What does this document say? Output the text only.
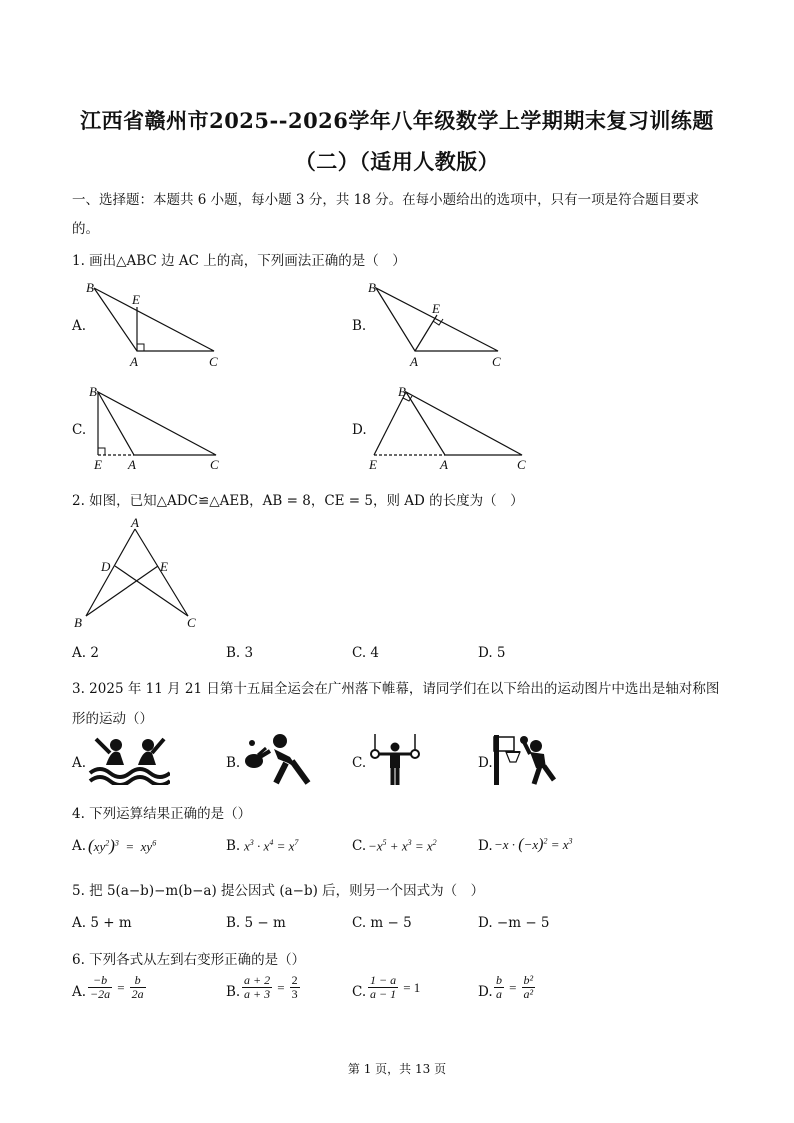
江西省赣州市2025--2026学年八年级数学上学期期末复习训练题
（二）（适用人教版）
一、选择题：本题共 6 小题，每小题 3 分，共 18 分。在每小题给出的选项中，只有一项是符合题目要求
的。
1. 画出△ABC 边 AC 上的高，下列画法正确的是（　）
A.
B
E
A	C
B.
B
E
A	C
C.
B
E A	C
D.
B
E	A	C
2. 如图，已知△ADC≌△AEB，AB = 8，CE = 5，则 AD 的长度为（　）
A
D	E
B	C
A. 2	B. 3	C. 4	D. 5
3. 2025 年 11 月 21 日第十五届全运会在广州落下帷幕，请同学们在以下给出的运动图片中选出是轴对称图
形的运动（）
A.	B.	C.	D.
4. 下列运算结果正确的是（）
A. $(xy^2)^3 = xy^6$	B. $x^3 \cdot x^4 = x^7$	C. $-x^5 + x^3 = x^2$	D. $-x \cdot (-x)^2 = x^3$
5. 把 5(a−b)−m(b−a) 提公因式 (a−b) 后，则另一个因式为（　）
A. 5 + m	B. 5 − m	C. m − 5	D. −m − 5
6. 下列各式从左到右变形正确的是（）
A. $\frac{-b}{-2a} = \frac{b}{2a}$	B. $\frac{a + 2}{a + 3} = \frac{2}{3}$	C. $\frac{1 - a}{a - 1} = 1$	D. $\frac{b}{a} = \frac{\text{b²}}{\text{a²}}$
第 1 页，共 13 页
